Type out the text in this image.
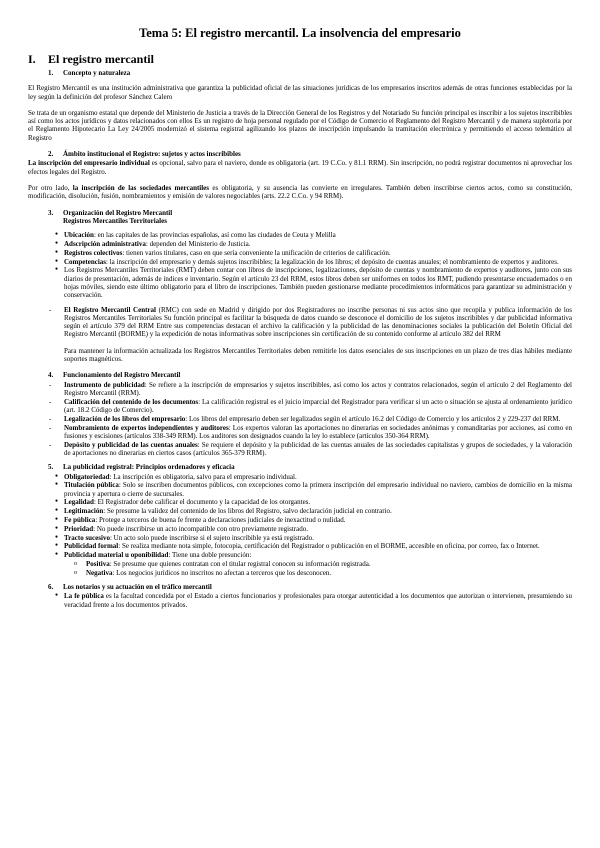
Tema 5: El registro mercantil. La insolvencia del empresario
I. El registro mercantil
1. Concepto y naturaleza

El Registro Mercantil es una institución administrativa que garantiza la publicidad oficial de las situaciones jurídicas de los empresarios inscritos además de otras funciones establecidas por la ley según la definición del profesor Sánchez Calero

Se trata de un organismo estatal que depende del Ministerio de Justicia a través de la Dirección General de los Registros y del Notariado Su función principal es inscribir a los sujetos inscribibles así como los actos jurídicos y datos relacionados con ellos Es un registro de hoja personal regulado por el Código de Comercio el Reglamento del Registro Mercantil y de manera supletoria por el Reglamento Hipotecario La Ley 24/2005 modernizó el sistema registral agilizando los plazos de inscripción impulsando la tramitación electrónica y permitiendo el acceso telemático al Registro

2. Ámbito institucional el Registro: sujetos y actos inscribibles

La inscripción del empresario individual es opcional, salvo para el naviero, donde es obligatoria (art. 19 C.Co. y 81.1 RRM). Sin inscripción, no podrá registrar documentos ni aprovechar los efectos legales del Registro.

Por otro lado, la inscripción de las sociedades mercantiles es obligatoria, y su ausencia las convierte en irregulares. También deben inscribirse ciertos actos, como su constitución, modificación, disolución, fusión, nombramientos y emisión de valores negociables (arts. 22.2 C.Co. y 94 RRM).

3. Organización del Registro Mercantil
Registros Mercantiles Territoriales
● Ubicación: en las capitales de las provincias españolas, así como las ciudades de Ceuta y Melilla
● Adscripción administrativa: dependen del Ministerio de Justicia.
● Registros colectivos: tienen varios titulares, caso en que sería conveniente la unificación de criterios de calificación.
● Competencias: la inscripción del empresario y demás sujetos inscribibles; la legalización de los libros; el depósito de cuentas anuales; el nombramiento de expertos y auditores.
● Los Registros Mercantiles Territoriales (RMT) deben contar con libros de inscripciones, legalizaciones, depósito de cuentas y nombramiento de expertos y auditores, junto con sus diarios de presentación, además de índices e inventario. Según el artículo 23 del RRM, estos libros deben ser uniformes en todos los RMT, pudiendo presentarse encuadernados o en hojas móviles, siendo este último obligatorio para el libro de inscripciones. También pueden gestionarse mediante procedimientos informáticos para garantizar su administración y conservación.
- El Registro Mercantil Central (RMC) con sede en Madrid y dirigido por dos Registradores no inscribe personas ni sus actos sino que recopila y publica información de los Registros Mercantiles Territoriales Su función principal es facilitar la búsqueda de datos cuando se desconoce el domicilio de los sujetos inscribibles y dar publicidad informativa según el artículo 379 del RRM Entre sus competencias destacan el archivo la calificación y la publicidad de las denominaciones sociales la publicación del Boletín Oficial del Registro Mercantil (BORME) y la expedición de notas informativas sobre inscripciones sin certificación de su contenido conforme al artículo 382 del RRM
Para mantener la información actualizada los Registros Mercantiles Territoriales deben remitirle los datos esenciales de sus inscripciones en un plazo de tres días hábiles mediante soportes magnéticos.
4. Funcionamiento del Registro Mercantil
- Instrumento de publicidad: Se refiere a la inscripción de empresarios y sujetos inscribibles, así como los actos y contratos relacionados, según el artículo 2 del Reglamento del Registro Mercantil (RRM).
- Calificación del contenido de los documentos: La calificación registral es el juicio imparcial del Registrador para verificar si un acto o situación se ajusta al ordenamiento jurídico (art. 18.2 Código de Comercio).
- Legalización de los libros del empresario: Los libros del empresario deben ser legalizados según el artículo 16.2 del Código de Comercio y los artículos 2 y 229-237 del RRM.
- Nombramiento de expertos independientes y auditores: Los expertos valoran las aportaciones no dinerarias en sociedades anónimas y comanditarias por acciones, así como en fusiones y escisiones (artículos 338-349 RRM). Los auditores son designados cuando la ley lo establece (artículos 350-364 RRM).
- Depósito y publicidad de las cuentas anuales: Se requiere el depósito y la publicidad de las cuentas anuales de las sociedades capitalistas y grupos de sociedades, y la valoración de aportaciones no dinerarias en ciertos casos (artículos 365-379 RRM).
5. La publicidad registral: Principios ordenadores y eficacia
● Obligatoriedad: La inscripción es obligatoria, salvo para el empresario individual.
● Titulación pública: Solo se inscriben documentos públicos, con excepciones como la primera inscripción del empresario individual no naviero, cambios de domicilio en la misma provincia y apertura o cierre de sucursales.
● Legalidad: El Registrador debe calificar el documento y la capacidad de los otorgantes.
● Legitimación: Se presume la validez del contenido de los libros del Registro, salvo declaración judicial en contrario.
● Fe pública: Protege a terceros de buena fe frente a declaraciones judiciales de inexactitud o nulidad.
● Prioridad: No puede inscribirse un acto incompatible con otro previamente registrado.
● Tracto sucesivo: Un acto solo puede inscribirse si el sujeto inscribible ya está registrado.
● Publicidad formal: Se realiza mediante nota simple, fotocopia, certificación del Registrador o publicación en el BORME, accesible en oficina, por correo, fax o Internet.
● Publicidad material u oponibilidad: Tiene una doble presunción:
o Positiva: Se presume que quienes contratan con el titular registral conocen su información registrada.
o Negativa: Los negocios jurídicos no inscritos no afectan a terceros que los desconocen.
6. Los notarios y su actuación en el tráfico mercantil
● La fe pública es la facultad concedida por el Estado a ciertos funcionarios y profesionales para otorgar autenticidad a los documentos que autorizan o intervienen, presumiendo su veracidad frente a los documentos privados.
